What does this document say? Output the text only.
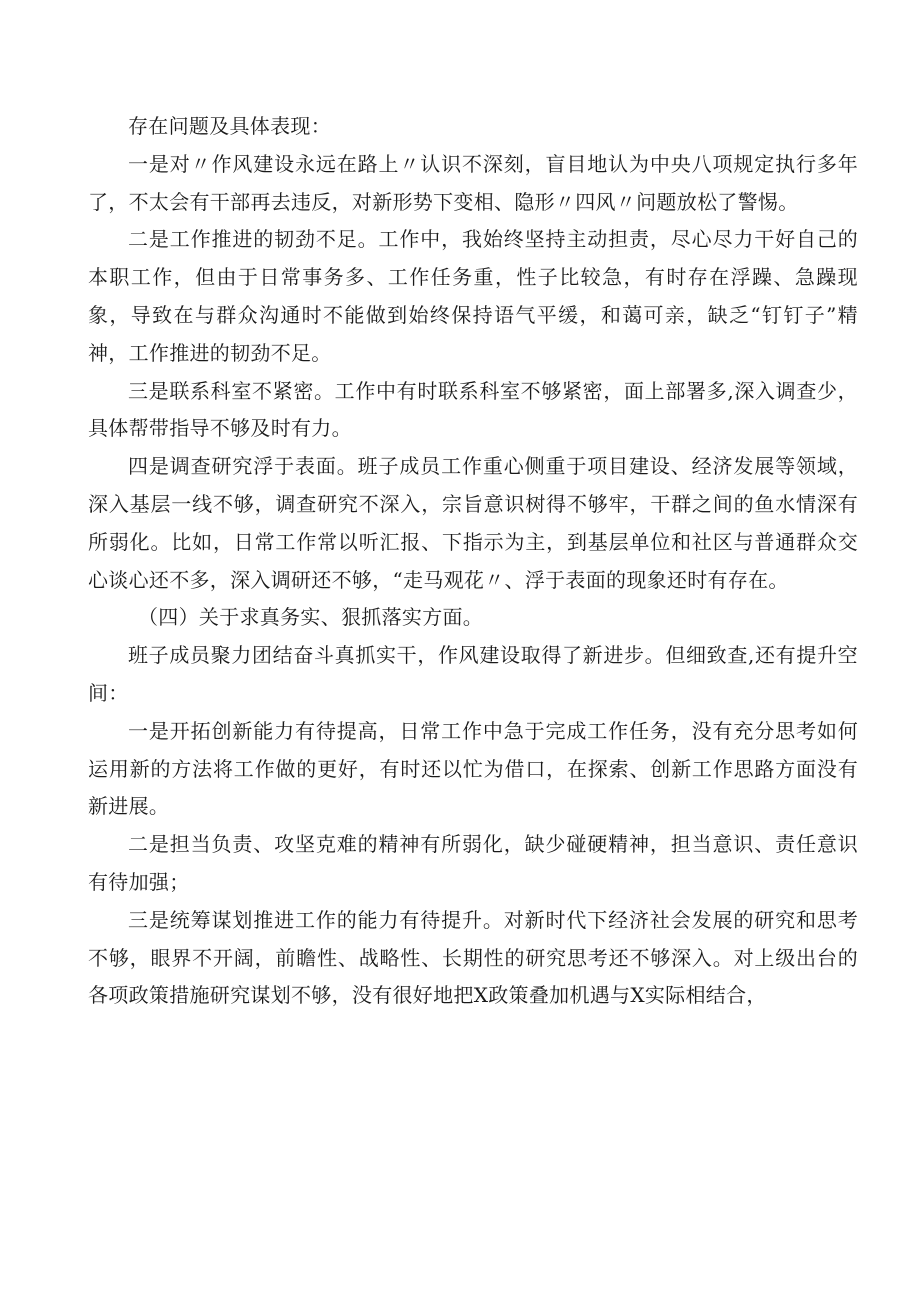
存在问题及具体表现：

一是对〃作风建设永远在路上〃认识不深刻，盲目地认为中央八项规定执行多年了，不太会有干部再去违反，对新形势下变相、隐形〃四风〃问题放松了警惕。

二是工作推进的韧劲不足。工作中，我始终坚持主动担责，尽心尽力干好自己的本职工作，但由于日常事务多、工作任务重，性子比较急，有时存在浮躁、急躁现象，导致在与群众沟通时不能做到始终保持语气平缓，和蔼可亲，缺乏“钉钉子”精神，工作推进的韧劲不足。

三是联系科室不紧密。工作中有时联系科室不够紧密，面上部署多,深入调查少，具体帮带指导不够及时有力。

四是调查研究浮于表面。班子成员工作重心侧重于项目建设、经济发展等领域，深入基层一线不够，调查研究不深入，宗旨意识树得不够牢，干群之间的鱼水情深有所弱化。比如，日常工作常以听汇报、下指示为主，到基层单位和社区与普通群众交心谈心还不多，深入调研还不够，“走马观花〃、浮于表面的现象还时有存在。

（四）关于求真务实、狠抓落实方面。

班子成员聚力团结奋斗真抓实干，作风建设取得了新进步。但细致查,还有提升空间：

一是开拓创新能力有待提高，日常工作中急于完成工作任务，没有充分思考如何运用新的方法将工作做的更好，有时还以忙为借口，在探索、创新工作思路方面没有新进展。

二是担当负责、攻坚克难的精神有所弱化，缺少碰硬精神，担当意识、责任意识有待加强；

三是统筹谋划推进工作的能力有待提升。对新时代下经济社会发展的研究和思考不够，眼界不开阔，前瞻性、战略性、长期性的研究思考还不够深入。对上级出台的各项政策措施研究谋划不够，没有很好地把X政策叠加机遇与X实际相结合，
